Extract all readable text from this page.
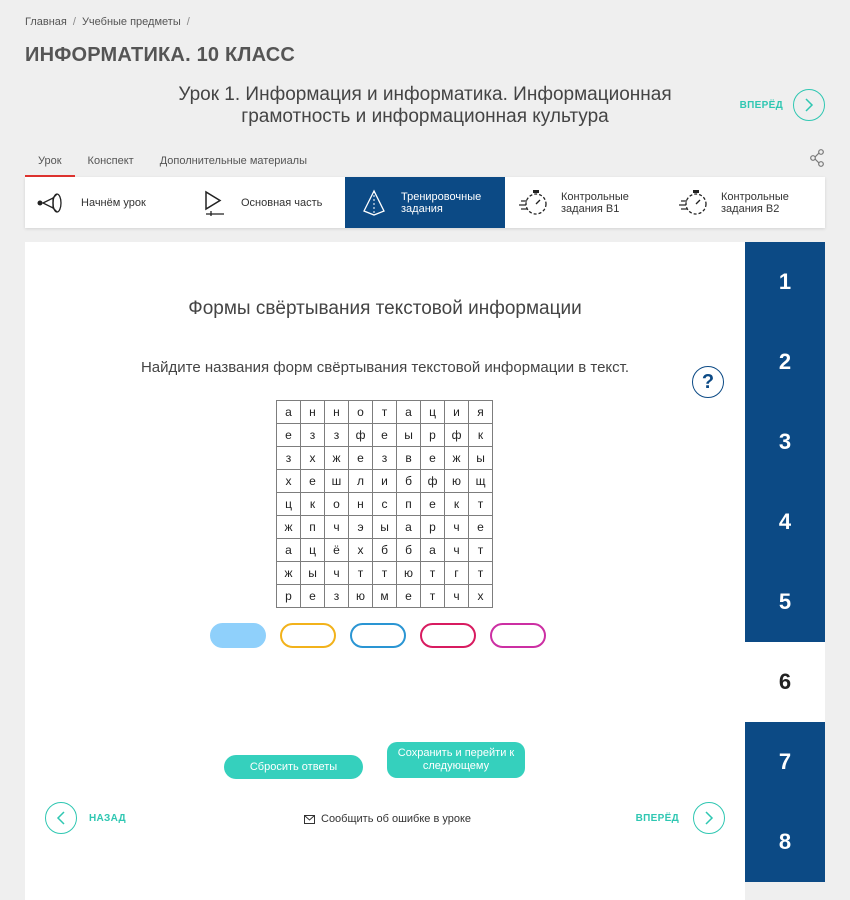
Главная / Учебные предметы /
ИНФОРМАТИКА. 10 КЛАСС
Урок 1. Информация и информатика. Информационная грамотность и информационная культура
ВПЕРЁД
Урок	Конспект	Дополнительные материалы
Начнём урок	Основная часть	Тренировочные задания
Контрольные задания В1
Контрольные задания В2
Формы свёртывания текстовой информации
Найдите названия форм свёртывания текстовой информации в текст.
?
а	н	н	о	т	а	ц	и	я
е	з	з	ф	е	ы	р	ф	к
з	х	ж	е	з	в	е	ж	ы
х	е	ш	л	и	б	ф	ю	щ
ц	к	о	н	с	п	е	к	т
ж	п	ч	э	ы	а	р	ч	е
а	ц	ё	х	б	б	а	ч	т
ж	ы	ч	т	т	ю	т	г	т
р	е	з	ю	м	е	т	ч	х
Сбросить ответы
Сохранить и перейти к следующему
НАЗАД	Сообщить об ошибке в уроке	ВПЕРЁД
1
2
3
4
5
6
7
8
